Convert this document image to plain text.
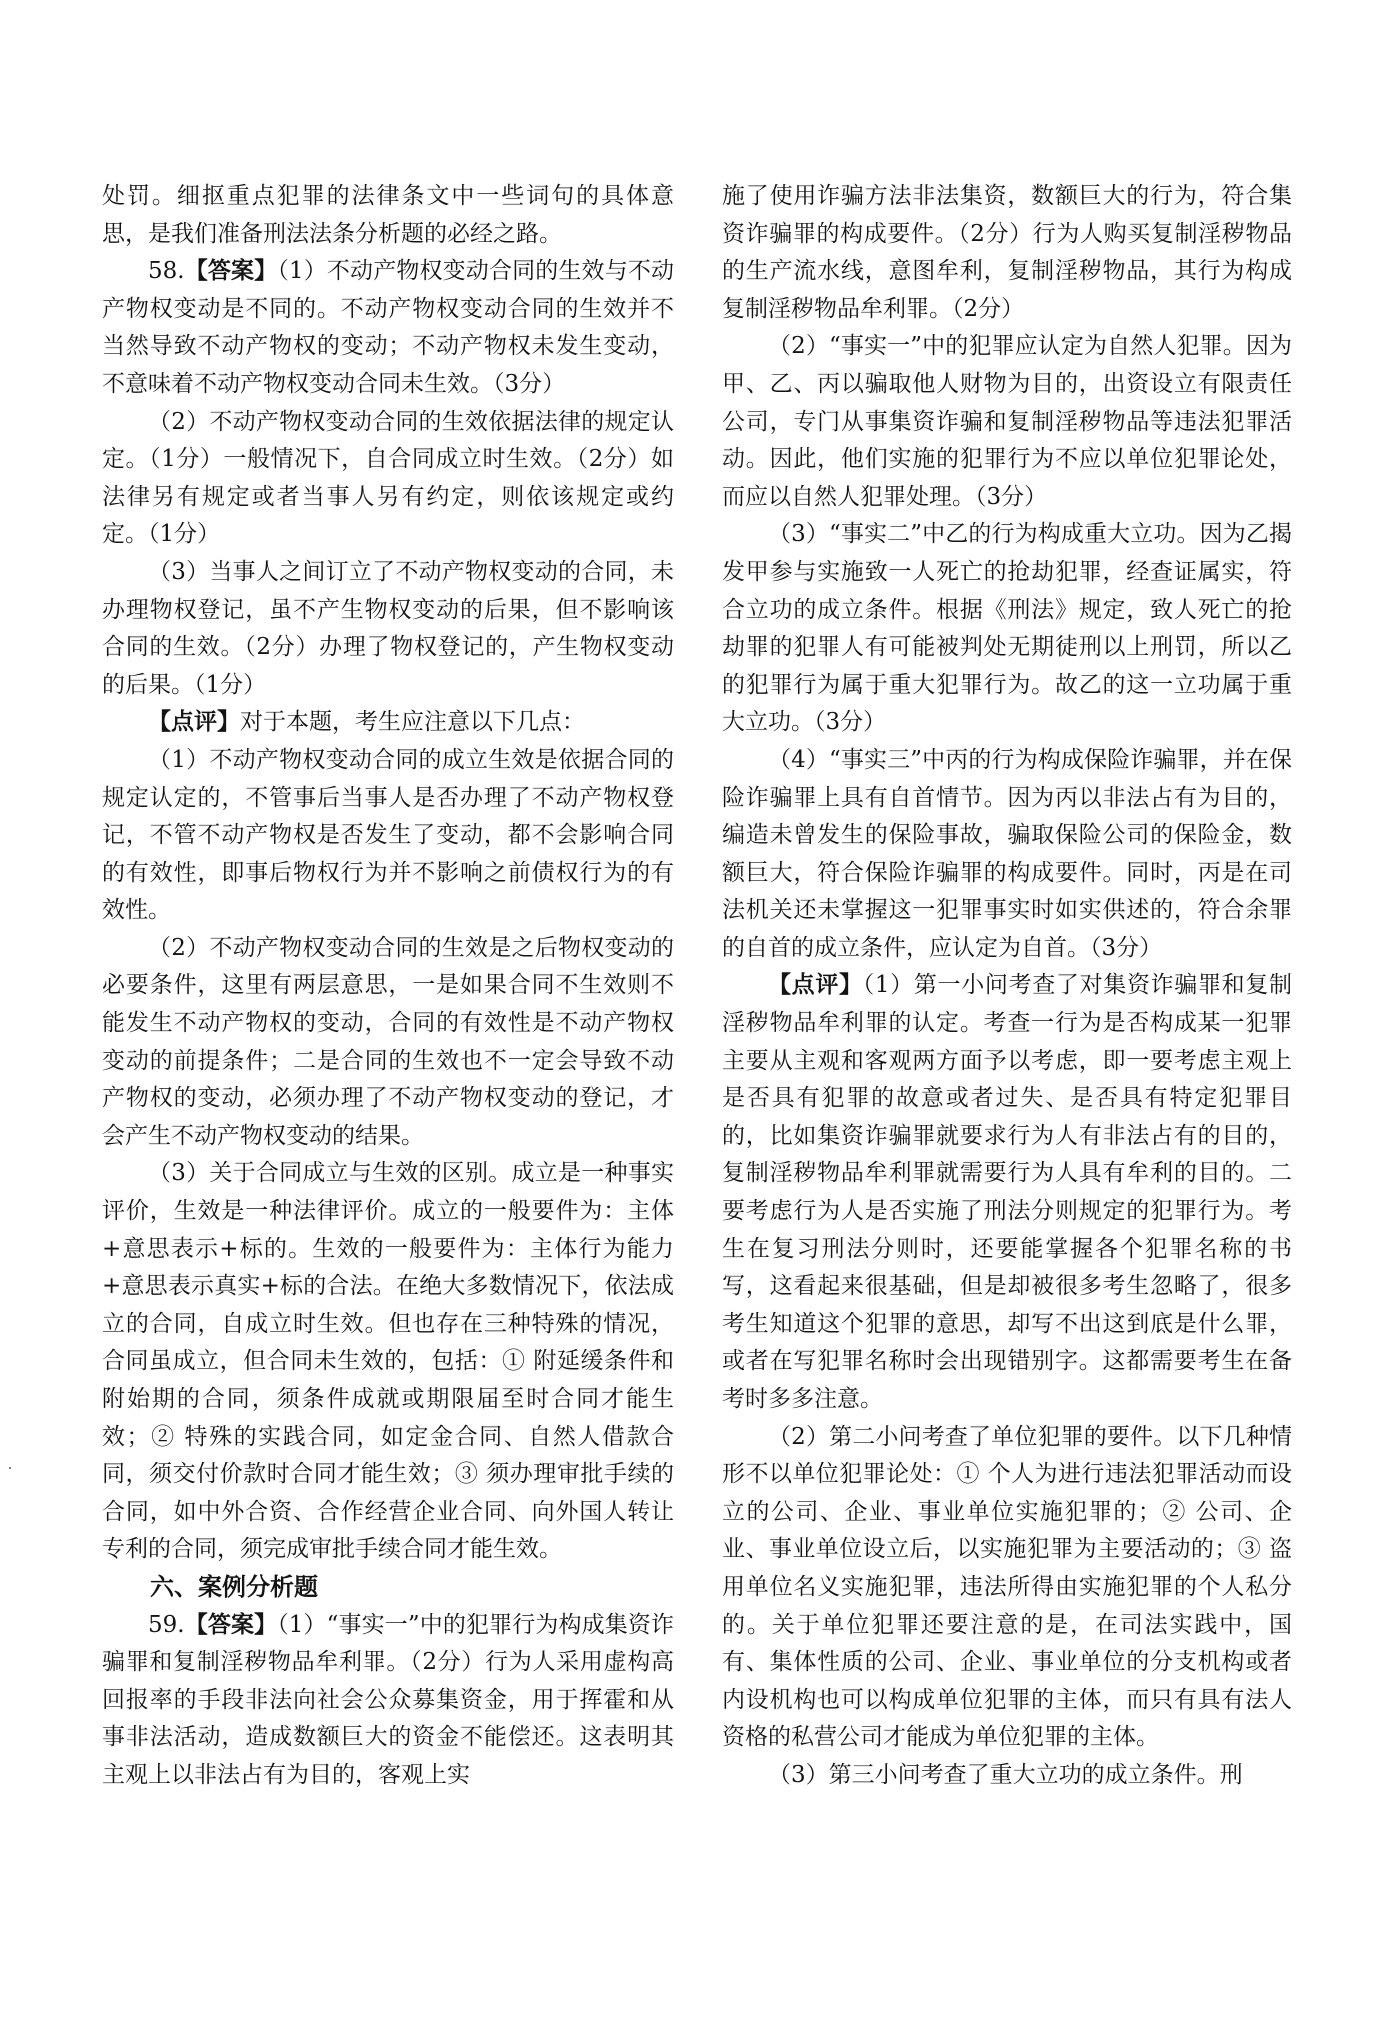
处罚。细抠重点犯罪的法律条文中一些词句的具体意思，是我们准备刑法法条分析题的必经之路。

58.【答案】（1）不动产物权变动合同的生效与不动产物权变动是不同的。不动产物权变动合同的生效并不当然导致不动产物权的变动；不动产物权未发生变动，不意味着不动产物权变动合同未生效。（3分）

（2）不动产物权变动合同的生效依据法律的规定认定。（1分）一般情况下，自合同成立时生效。（2分）如法律另有规定或者当事人另有约定，则依该规定或约定。（1分）

（3）当事人之间订立了不动产物权变动的合同，未办理物权登记，虽不产生物权变动的后果，但不影响该合同的生效。（2分）办理了物权登记的，产生物权变动的后果。（1分）

【点评】对于本题，考生应注意以下几点：

（1）不动产物权变动合同的成立生效是依据合同的规定认定的，不管事后当事人是否办理了不动产物权登记，不管不动产物权是否发生了变动，都不会影响合同的有效性，即事后物权行为并不影响之前债权行为的有效性。

（2）不动产物权变动合同的生效是之后物权变动的必要条件，这里有两层意思，一是如果合同不生效则不能发生不动产物权的变动，合同的有效性是不动产物权变动的前提条件；二是合同的生效也不一定会导致不动产物权的变动，必须办理了不动产物权变动的登记，才会产生不动产物权变动的结果。

（3）关于合同成立与生效的区别。成立是一种事实评价，生效是一种法律评价。成立的一般要件为：主体+意思表示+标的。生效的一般要件为：主体行为能力+意思表示真实+标的合法。在绝大多数情况下，依法成立的合同，自成立时生效。但也存在三种特殊的情况，合同虽成立，但合同未生效的，包括：① 附延缓条件和附始期的合同，须条件成就或期限届至时合同才能生效；② 特殊的实践合同，如定金合同、自然人借款合同，须交付价款时合同才能生效；③ 须办理审批手续的合同，如中外合资、合作经营企业合同、向外国人转让专利的合同，须完成审批手续合同才能生效。

六、案例分析题

59.【答案】（1）“事实一”中的犯罪行为构成集资诈骗罪和复制淫秽物品牟利罪。（2分）行为人采用虚构高回报率的手段非法向社会公众募集资金，用于挥霍和从事非法活动，造成数额巨大的资金不能偿还。这表明其主观上以非法占有为目的，客观上实

施了使用诈骗方法非法集资，数额巨大的行为，符合集资诈骗罪的构成要件。（2分）行为人购买复制淫秽物品的生产流水线，意图牟利，复制淫秽物品，其行为构成复制淫秽物品牟利罪。（2分）

（2）“事实一”中的犯罪应认定为自然人犯罪。因为甲、乙、丙以骗取他人财物为目的，出资设立有限责任公司，专门从事集资诈骗和复制淫秽物品等违法犯罪活动。因此，他们实施的犯罪行为不应以单位犯罪论处，而应以自然人犯罪处理。（3分）

（3）“事实二”中乙的行为构成重大立功。因为乙揭发甲参与实施致一人死亡的抢劫犯罪，经查证属实，符合立功的成立条件。根据《刑法》规定，致人死亡的抢劫罪的犯罪人有可能被判处无期徒刑以上刑罚，所以乙的犯罪行为属于重大犯罪行为。故乙的这一立功属于重大立功。（3分）

（4）“事实三”中丙的行为构成保险诈骗罪，并在保险诈骗罪上具有自首情节。因为丙以非法占有为目的，编造未曾发生的保险事故，骗取保险公司的保险金，数额巨大，符合保险诈骗罪的构成要件。同时，丙是在司法机关还未掌握这一犯罪事实时如实供述的，符合余罪的自首的成立条件，应认定为自首。（3分）

【点评】（1）第一小问考查了对集资诈骗罪和复制淫秽物品牟利罪的认定。考查一行为是否构成某一犯罪主要从主观和客观两方面予以考虑，即一要考虑主观上是否具有犯罪的故意或者过失、是否具有特定犯罪目的，比如集资诈骗罪就要求行为人有非法占有的目的，复制淫秽物品牟利罪就需要行为人具有牟利的目的。二要考虑行为人是否实施了刑法分则规定的犯罪行为。考生在复习刑法分则时，还要能掌握各个犯罪名称的书写，这看起来很基础，但是却被很多考生忽略了，很多考生知道这个犯罪的意思，却写不出这到底是什么罪，或者在写犯罪名称时会出现错别字。这都需要考生在备考时多多注意。

（2）第二小问考查了单位犯罪的要件。以下几种情形不以单位犯罪论处：① 个人为进行违法犯罪活动而设立的公司、企业、事业单位实施犯罪的；② 公司、企业、事业单位设立后，以实施犯罪为主要活动的；③ 盗用单位名义实施犯罪，违法所得由实施犯罪的个人私分的。关于单位犯罪还要注意的是，在司法实践中，国有、集体性质的公司、企业、事业单位的分支机构或者内设机构也可以构成单位犯罪的主体，而只有具有法人资格的私营公司才能成为单位犯罪的主体。

（3）第三小问考查了重大立功的成立条件。刑
